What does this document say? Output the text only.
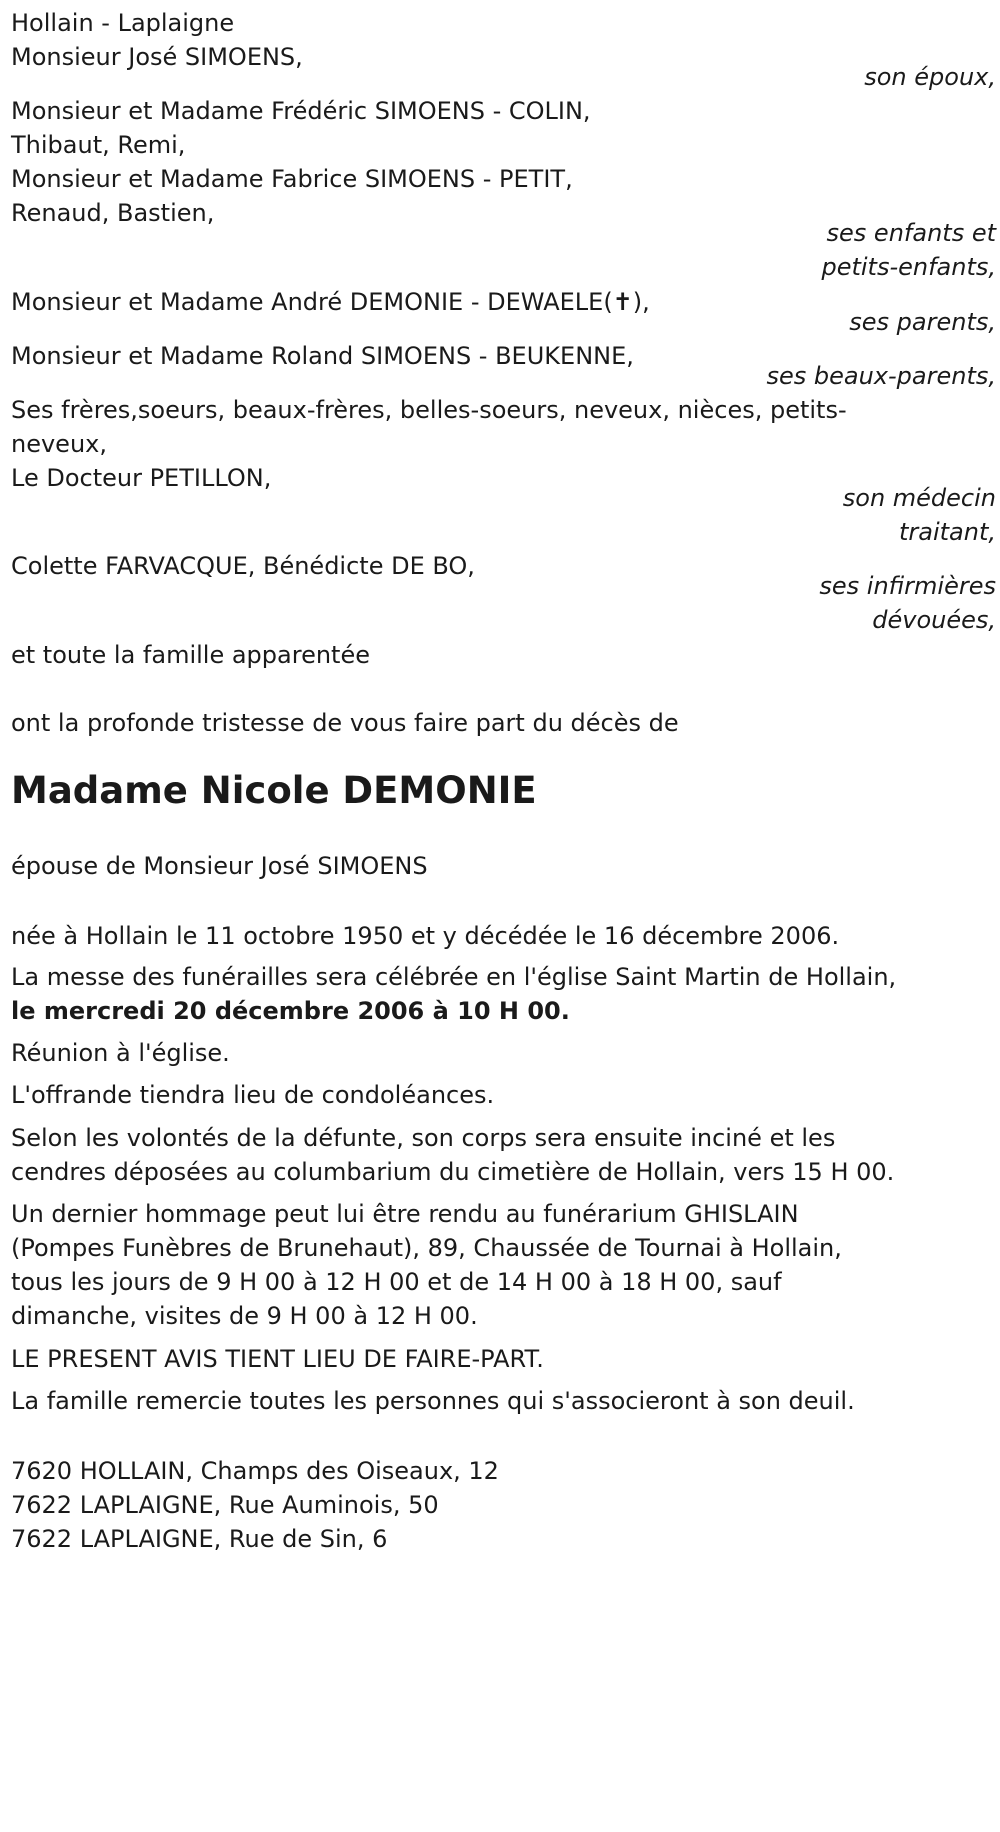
Hollain - Laplaigne
Monsieur José SIMOENS,
son époux,
Monsieur et Madame Frédéric SIMOENS - COLIN,
Thibaut, Remi,
Monsieur et Madame Fabrice SIMOENS - PETIT,
Renaud, Bastien,
ses enfants et
petits-enfants,
Monsieur et Madame André DEMONIE - DEWAELE(✝),
ses parents,
Monsieur et Madame Roland SIMOENS - BEUKENNE,
ses beaux-parents,
Ses frères,soeurs, beaux-frères, belles-soeurs, neveux, nièces, petits-
neveux,
Le Docteur PETILLON,
son médecin
traitant,
Colette FARVACQUE, Bénédicte DE BO,
ses infirmières
dévouées,
et toute la famille apparentée
ont la profonde tristesse de vous faire part du décès de
Madame Nicole DEMONIE
épouse de Monsieur José SIMOENS
née à Hollain le 11 octobre 1950 et y décédée le 16 décembre 2006.
La messe des funérailles sera célébrée en l'église Saint Martin de Hollain,
le mercredi 20 décembre 2006 à 10 H 00.
Réunion à l'église.
L'offrande tiendra lieu de condoléances.
Selon les volontés de la défunte, son corps sera ensuite inciné et les
cendres déposées au columbarium du cimetière de Hollain, vers 15 H 00.
Un dernier hommage peut lui être rendu au funérarium GHISLAIN
(Pompes Funèbres de Brunehaut), 89, Chaussée de Tournai à Hollain,
tous les jours de 9 H 00 à 12 H 00 et de 14 H 00 à 18 H 00, sauf
dimanche, visites de 9 H 00 à 12 H 00.
LE PRESENT AVIS TIENT LIEU DE FAIRE-PART.
La famille remercie toutes les personnes qui s'associeront à son deuil.
7620 HOLLAIN, Champs des Oiseaux, 12
7622 LAPLAIGNE, Rue Auminois, 50
7622 LAPLAIGNE, Rue de Sin, 6
